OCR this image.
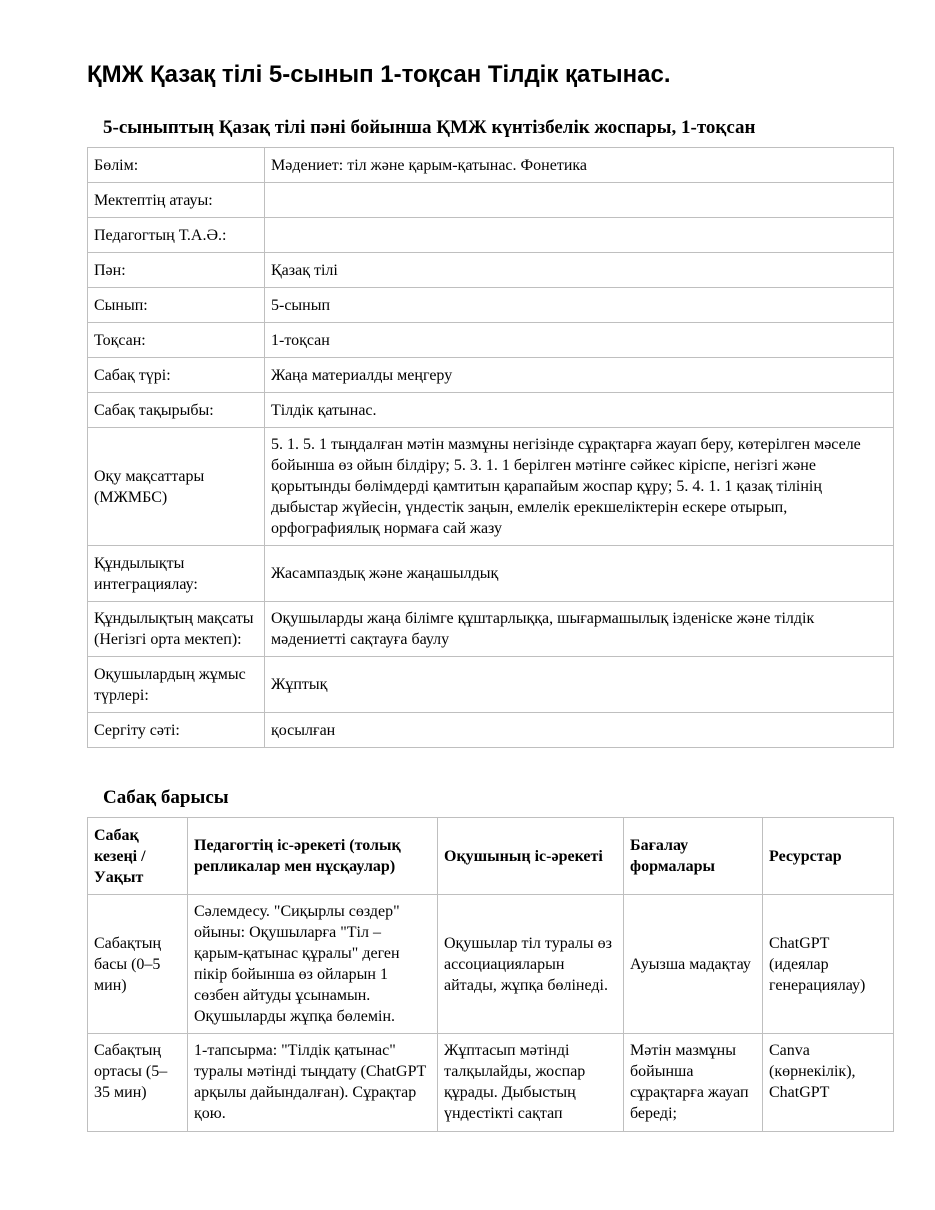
ҚМЖ Қазақ тілі 5-сынып 1-тоқсан Тілдік қатынас.
5-сыныптың Қазақ тілі пәні бойынша ҚМЖ күнтізбелік жоспары, 1-тоқсан
Бөлім:	Мәдениет: тіл және қарым-қатынас. Фонетика
Мектептің атауы:	
Педагогтың Т.А.Ә.:	
Пән:	Қазақ тілі
Сынып:	5-сынып
Тоқсан:	1-тоқсан
Сабақ түрі:	Жаңа материалды меңгеру
Сабақ тақырыбы:	Тілдік қатынас.
Оқу мақсаттары (МЖМБС)	5. 1. 5. 1 тыңдалған мәтін мазмұны негізінде сұрақтарға жауап беру, көтерілген мәселе бойынша өз ойын білдіру; 5. 3. 1. 1 берілген мәтінге сәйкес кіріспе, негізгі және қорытынды бөлімдерді қамтитын қарапайым жоспар құру; 5. 4. 1. 1 қазақ тілінің дыбыстар жүйесін, үндестік заңын, емлелік ерекшеліктерін ескере отырып, орфографиялық нормаға сай жазу
Құндылықты интеграциялау:	Жасампаздық және жаңашылдық
Құндылықтың мақсаты (Негізгі орта мектеп):	Оқушыларды жаңа білімге құштарлыққа, шығармашылық ізденіске және тілдік мәдениетті сақтауға баулу
Оқушылардың жұмыс түрлері:	Жұптық
Сергіту сәті:	қосылған
Сабақ барысы
Сабақ кезеңі / Уақыт	Педагогтің іс-әрекеті (толық репликалар мен нұсқаулар)	Оқушының іс-әрекеті	Бағалау формалары	Ресурстар
Сабақтың басы (0–5 мин)	Сәлемдесу. "Сиқырлы сөздер" ойыны: Оқушыларға "Тіл – қарым-қатынас құралы" деген пікір бойынша өз ойларын 1 сөзбен айтуды ұсынамын. Оқушыларды жұпқа бөлемін.	Оқушылар тіл туралы өз ассоциацияларын айтады, жұпқа бөлінеді.	Ауызша мадақтау	ChatGPT (идеялар генерациялау)
Сабақтың ортасы (5–35 мин)	1-тапсырма: "Тілдік қатынас" туралы мәтінді тыңдату (ChatGPT арқылы дайындалған). Сұрақтар қою.	Жұптасып мәтінді талқылайды, жоспар құрады. Дыбыстың үндестікті сақтап	Мәтін мазмұны бойынша сұрақтарға жауап береді;	Canva (көрнекілік), ChatGPT
